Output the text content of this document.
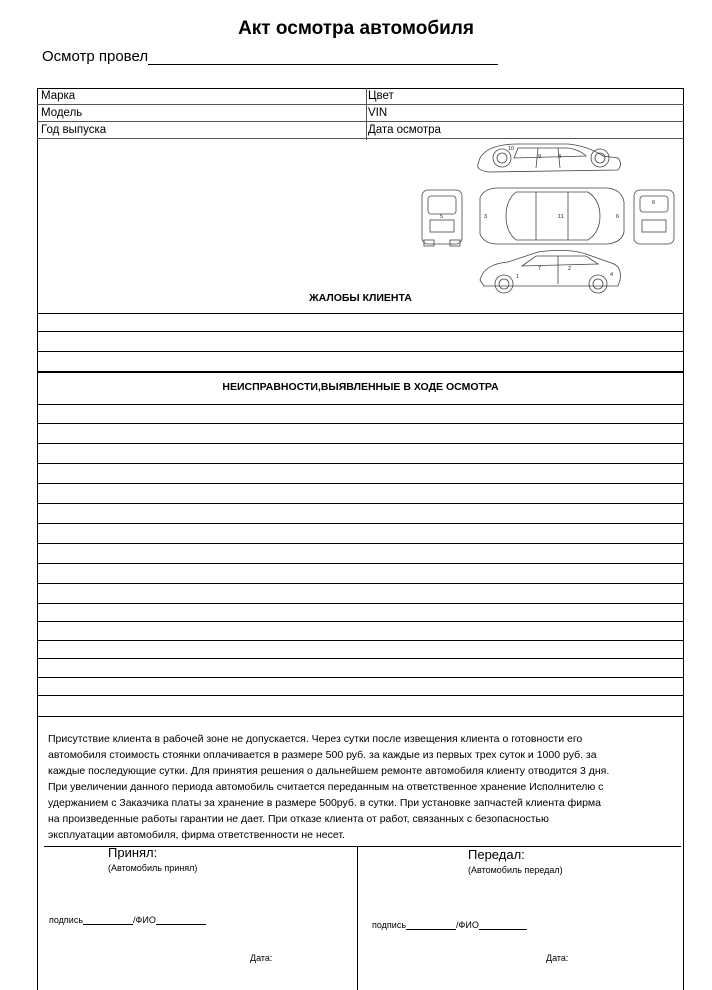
Акт осмотра автомобиля
Осмотр провел
Марка	Цвет
Модель	VIN
Год выпуска	Дата осмотра
10
9	8
5	3	11	6
6
7	2
4
1
ЖАЛОБЫ КЛИЕНТА
НЕИСПРАВНОСТИ,ВЫЯВЛЕННЫЕ В ХОДЕ ОСМОТРА
Присутствие клиента в рабочей зоне не допускается. Через сутки после извещения клиента о готовности его
автомобиля стоимость стоянки оплачивается в размере 500 руб. за каждые из первых трех суток и 1000 руб. за
каждые последующие сутки. Для принятия решения о дальнейшем ремонте автомобиля клиенту отводится 3 дня.
При увеличении данного периода автомобиль считается переданным на ответственное хранение Исполнителю с
удержанием с Заказчика платы за хранение в размере 500руб. в сутки. При установке запчастей клиента фирма
на произведенные работы гарантии не дает. При отказе клиента от работ, связанных с безопасностью
эксплуатации автомобиля, фирма ответственности не несет.
Принял:
(Автомобиль принял)
подпись	/ФИО
Дата:
Передал:
(Автомобиль передал)
подпись	/ФИО
Дата:
